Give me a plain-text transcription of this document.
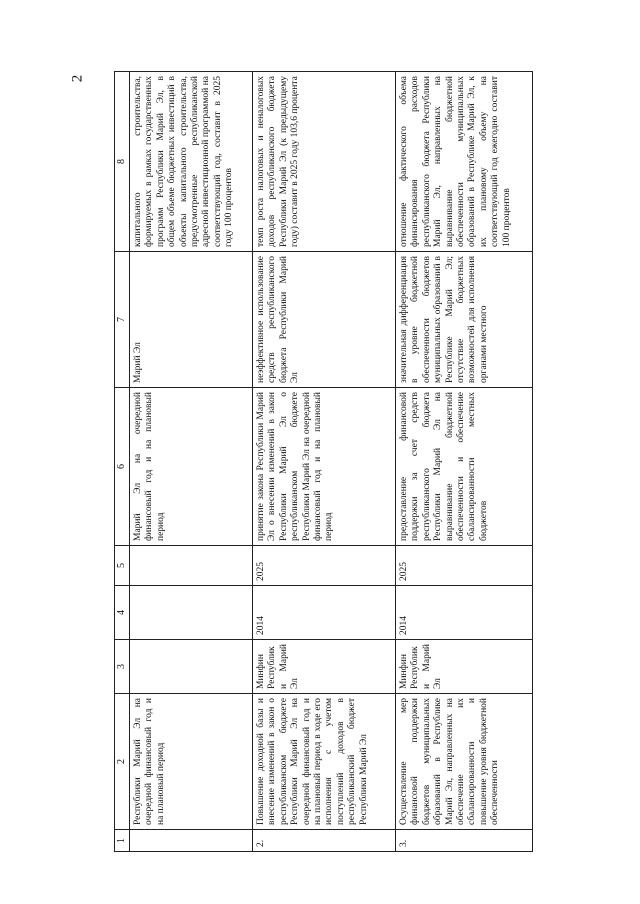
2
1	2	3	4	5	6	7	8
	Республики Марий Эл на очередной финансовый год и на плановый период				Марий Эл на очередной финансовый год и на плановый период	Марий Эл	капитального строительства, формируемых в рамках государственных программ Республики Марий Эл, в общем объеме бюджетных инвестиций в объекты капитального строительства, предусмотренные республиканской адресной инвестиционной программой на соответствующий год, составит в 2025 году 100 процентов
2.	Повышение доходной базы и внесение изменений в закон о республиканском бюджете Республики Марий Эл на очередной финансовый год и на плановый период в ходе его исполнения с учетом поступлений доходов в республиканский бюджет Республики Марий Эл	Минфин Республики Марий Эл	2014	2025	принятие закона Республики Марий Эл о внесении изменений в закон Республики Марий Эл о республиканском бюджете Республики Марий Эл на очередной финансовый год и на плановый период	неэффективное использование средств республиканского бюджета Республики Марий Эл	темп роста налоговых и неналоговых доходов республиканского бюджета Республики Марий Эл (к предыдущему году) составит в 2025 году 103,6 процента
3.	Осуществление мер финансовой поддержки бюджетов муниципальных образований в Республике Марий Эл, направленных на обеспечение их сбалансированности и повышение уровня бюджетной обеспеченности	Минфин Республики Марий Эл	2014	2025	предоставление финансовой поддержки за счет средств республиканского бюджета Республики Марий Эл на выравнивание бюджетной обеспеченности и обеспечение сбалансированности местных бюджетов	значительная дифференциация в уровне бюджетной обеспеченности бюджетов муниципальных образований в Республике Марий Эл; отсутствие бюджетных возможностей для исполнения органами местного	отношение фактического объема финансирования расходов республиканского бюджета Республики Марий Эл, направленных на выравнивание бюджетной обеспеченности муниципальных образований в Республике Марий Эл, к их плановому объему на соответствующий год ежегодно составит 100 процентов
